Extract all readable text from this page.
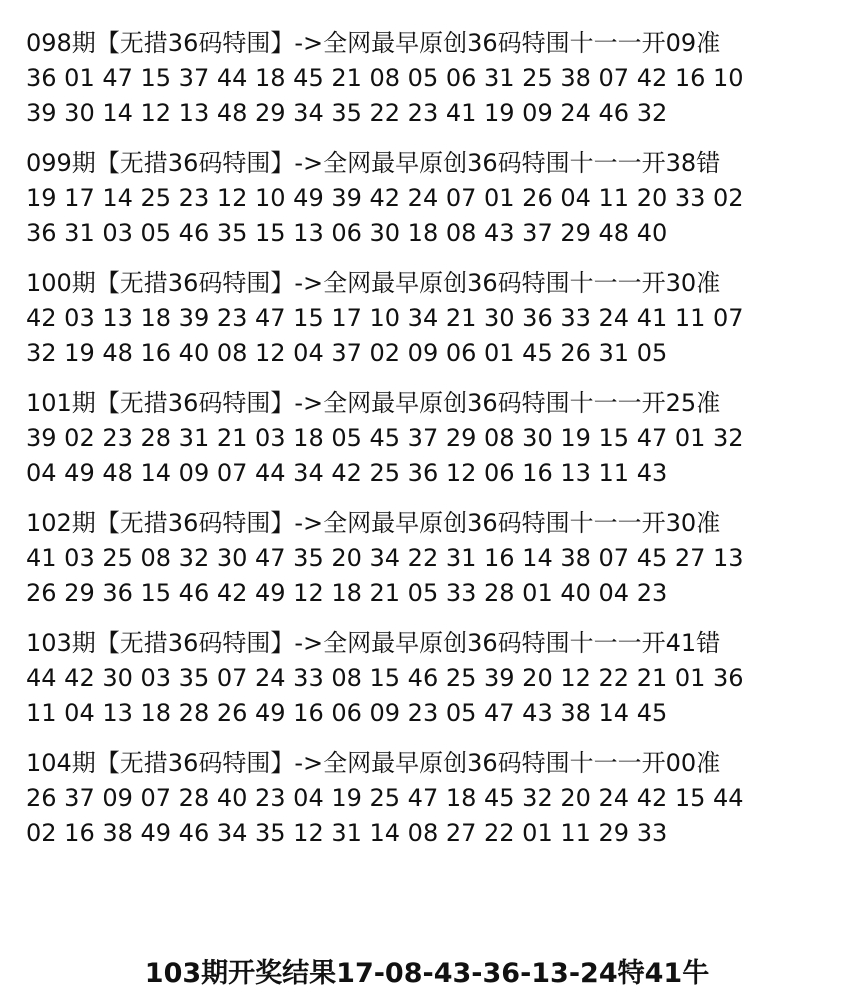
098期【无措36码特围】->全网最早原创36码特围十一一开09准
36 01 47 15 37 44 18 45 21 08 05 06 31 25 38 07 42 16 10
39 30 14 12 13 48 29 34 35 22 23 41 19 09 24 46 32
099期【无措36码特围】->全网最早原创36码特围十一一开38错
19 17 14 25 23 12 10 49 39 42 24 07 01 26 04 11 20 33 02
36 31 03 05 46 35 15 13 06 30 18 08 43 37 29 48 40
100期【无措36码特围】->全网最早原创36码特围十一一开30准
42 03 13 18 39 23 47 15 17 10 34 21 30 36 33 24 41 11 07
32 19 48 16 40 08 12 04 37 02 09 06 01 45 26 31 05
101期【无措36码特围】->全网最早原创36码特围十一一开25准
39 02 23 28 31 21 03 18 05 45 37 29 08 30 19 15 47 01 32
04 49 48 14 09 07 44 34 42 25 36 12 06 16 13 11 43
102期【无措36码特围】->全网最早原创36码特围十一一开30准
41 03 25 08 32 30 47 35 20 34 22 31 16 14 38 07 45 27 13
26 29 36 15 46 42 49 12 18 21 05 33 28 01 40 04 23
103期【无措36码特围】->全网最早原创36码特围十一一开41错
44 42 30 03 35 07 24 33 08 15 46 25 39 20 12 22 21 01 36
11 04 13 18 28 26 49 16 06 09 23 05 47 43 38 14 45
104期【无措36码特围】->全网最早原创36码特围十一一开00准
26 37 09 07 28 40 23 04 19 25 47 18 45 32 20 24 42 15 44
02 16 38 49 46 34 35 12 31 14 08 27 22 01 11 29 33
103期开奖结果17-08-43-36-13-24特41牛
